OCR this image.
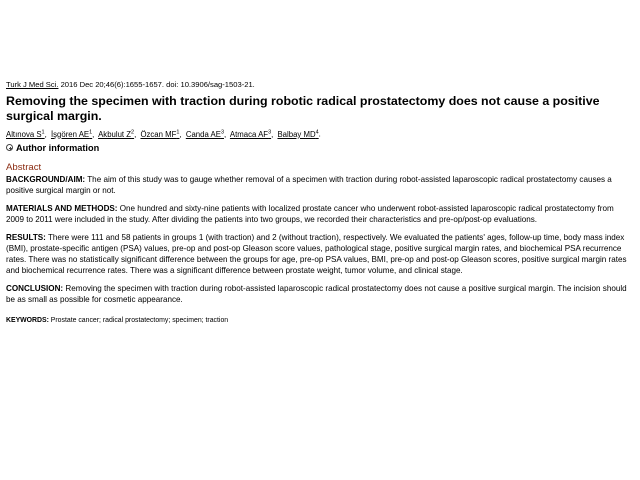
Turk J Med Sci. 2016 Dec 20;46(6):1655-1657. doi: 10.3906/sag-1503-21.
Removing the specimen with traction during robotic radical prostatectomy does not cause a positive surgical margin.
Altınova $S^1$, İşgören $AE^1$, Akbulut $Z^2$, Özcan $MF^1$, Canda $AE^3$, Atmaca $AF^3$, Balbay $MD^4$.
Author information
Abstract
BACKGROUND/AIM: The aim of this study was to gauge whether removal of a specimen with traction during robot-assisted laparoscopic radical prostatectomy causes a positive surgical margin or not.
MATERIALS AND METHODS: One hundred and sixty-nine patients with localized prostate cancer who underwent robot-assisted laparoscopic radical prostatectomy from 2009 to 2011 were included in the study. After dividing the patients into two groups, we recorded their characteristics and pre-op/post-op evaluations.
RESULTS: There were 111 and 58 patients in groups 1 (with traction) and 2 (without traction), respectively. We evaluated the patients' ages, follow-up time, body mass index (BMI), prostate-specific antigen (PSA) values, pre-op and post-op Gleason score values, pathological stage, positive surgical margin rates, and biochemical PSA recurrence rates. There was no statistically significant difference between the groups for age, pre-op PSA values, BMI, pre-op and post-op Gleason scores, positive surgical margin rates and biochemical recurrence rates. There was a significant difference between prostate weight, tumor volume, and clinical stage.
CONCLUSION: Removing the specimen with traction during robot-assisted laparoscopic radical prostatectomy does not cause a positive surgical margin. The incision should be as small as possible for cosmetic appearance.
KEYWORDS: Prostate cancer; radical prostatectomy; specimen; traction
